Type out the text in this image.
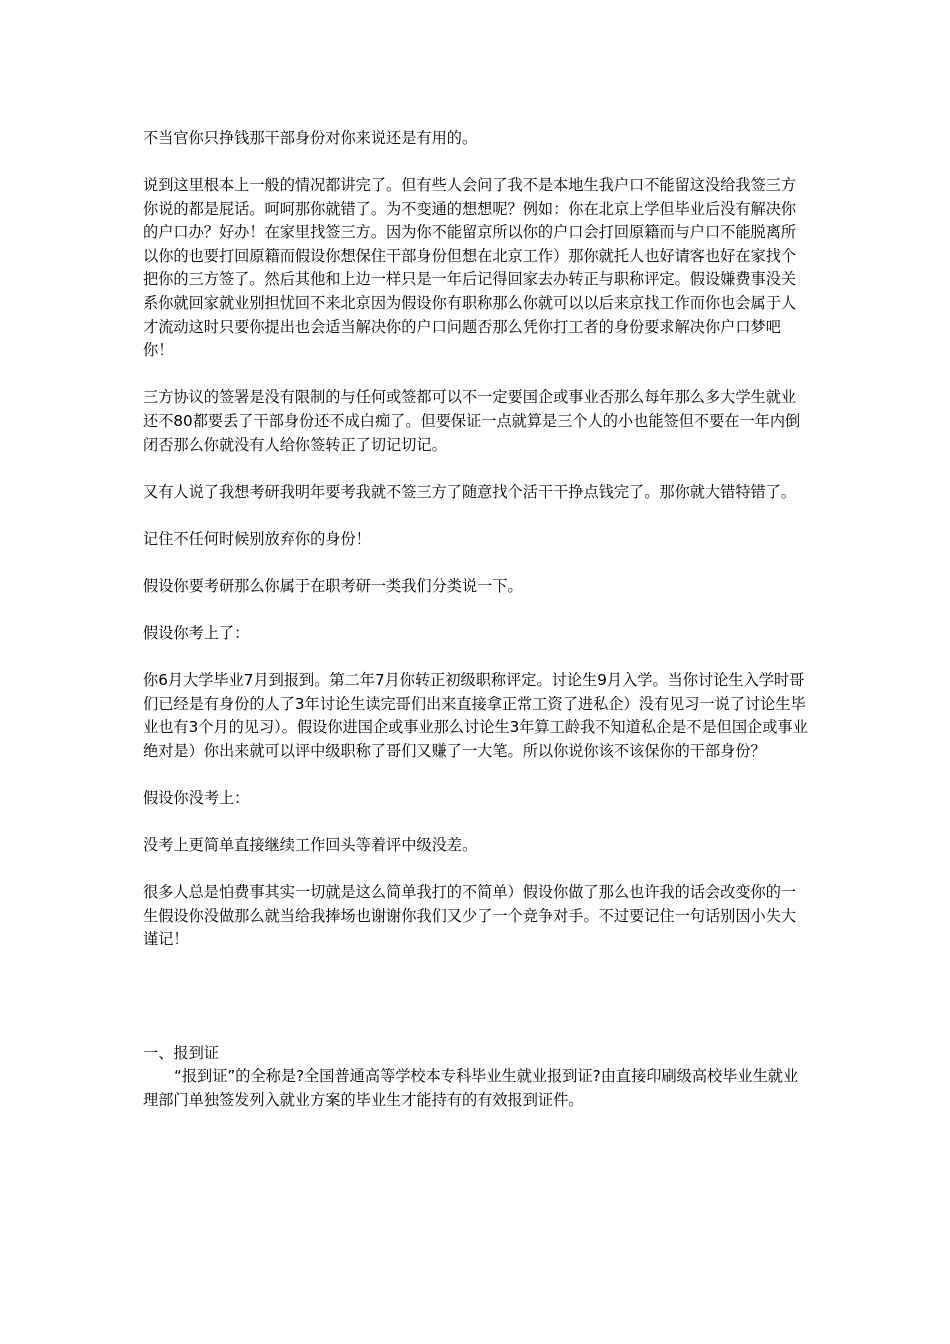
不当官你只挣钱那干部身份对你来说还是有用的。

说到这里根本上一般的情况都讲完了。但有些人会问了我不是本地生我户口不能留这没给我签三方你说的都是屁话。呵呵那你就错了。为不变通的想想呢？例如：你在北京上学但毕业后没有解决你的户口办？好办！在家里找签三方。因为你不能留京所以你的户口会打回原籍而与户口不能脱离所以你的也要打回原籍而假设你想保住干部身份但想在北京工作）那你就托人也好请客也好在家找个把你的三方签了。然后其他和上边一样只是一年后记得回家去办转正与职称评定。假设嫌费事没关系你就回家就业别担忧回不来北京因为假设你有职称那么你就可以以后来京找工作而你也会属于人才流动这时只要你提出也会适当解决你的户口问题否那么凭你打工者的身份要求解决你户口梦吧你！

三方协议的签署是没有限制的与任何或签都可以不一定要国企或事业否那么每年那么多大学生就业还不80都要丢了干部身份还不成白痴了。但要保证一点就算是三个人的小也能签但不要在一年内倒闭否那么你就没有人给你签转正了切记切记。

又有人说了我想考研我明年要考我就不签三方了随意找个活干干挣点钱完了。那你就大错特错了。

记住不任何时候别放弃你的身份！

假设你要考研那么你属于在职考研一类我们分类说一下。

假设你考上了：

你6月大学毕业7月到报到。第二年7月你转正初级职称评定。讨论生9月入学。当你讨论生入学时哥们已经是有身份的人了3年讨论生读完哥们出来直接拿正常工资了进私企）没有见习一说了讨论生毕业也有3个月的见习）。假设你进国企或事业那么讨论生3年算工龄我不知道私企是不是但国企或事业绝对是）你出来就可以评中级职称了哥们又赚了一大笔。所以你说你该不该保你的干部身份？

假设你没考上：

没考上更简单直接继续工作回头等着评中级没差。

很多人总是怕费事其实一切就是这么简单我打的不简单）假设你做了那么也许我的话会改变你的一生假设你没做那么就当给我捧场也谢谢你我们又少了一个竞争对手。不过要记住一句话别因小失大谨记！

一、报到证

“报到证”的全称是?全国普通高等学校本专科毕业生就业报到证?由直接印刷级高校毕业生就业理部门单独签发列入就业方案的毕业生才能持有的有效报到证件。
